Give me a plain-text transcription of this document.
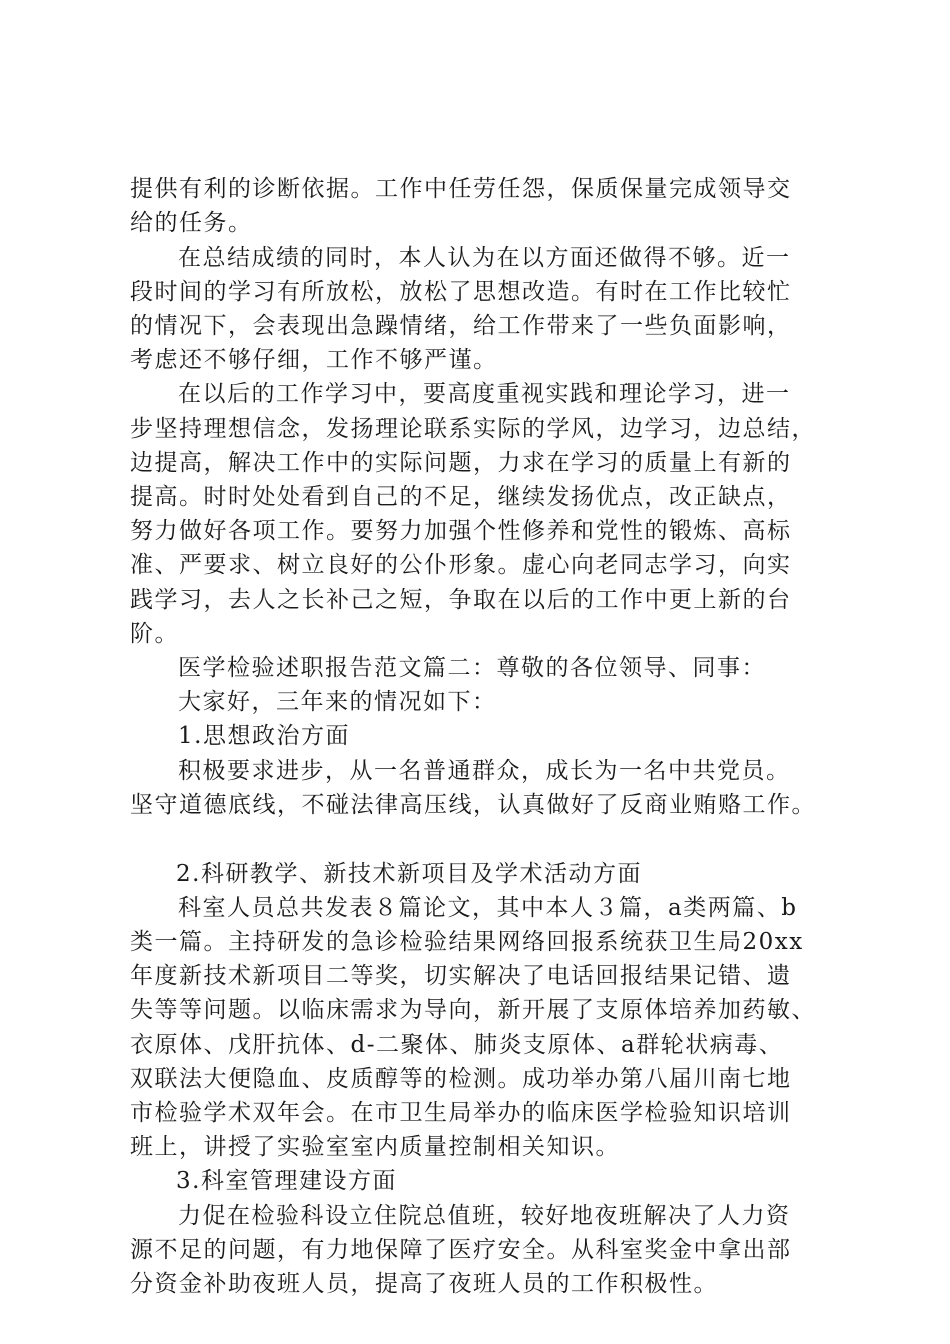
提供有利的诊断依据。工作中任劳任怨，保质保量完成领导交
给的任务。
在总结成绩的同时，本人认为在以方面还做得不够。近一
段时间的学习有所放松，放松了思想改造。有时在工作比较忙
的情况下，会表现出急躁情绪，给工作带来了一些负面影响，
考虑还不够仔细，工作不够严谨。
在以后的工作学习中，要高度重视实践和理论学习，进一
步坚持理想信念，发扬理论联系实际的学风，边学习，边总结，
边提高，解决工作中的实际问题，力求在学习的质量上有新的
提高。时时处处看到自己的不足，继续发扬优点，改正缺点，
努力做好各项工作。要努力加强个性修养和党性的锻炼、高标
准、严要求、树立良好的公仆形象。虚心向老同志学习，向实
践学习，去人之长补己之短，争取在以后的工作中更上新的台
阶。
医学检验述职报告范文篇二：尊敬的各位领导、同事：
大家好，三年来的情况如下：
1.思想政治方面
积极要求进步，从一名普通群众，成长为一名中共党员。
坚守道德底线，不碰法律高压线，认真做好了反商业贿赂工作。
2.科研教学、新技术新项目及学术活动方面
科室人员总共发表８篇论文，其中本人３篇，a类两篇、b
类一篇。主持研发的急诊检验结果网络回报系统获卫生局20xx
年度新技术新项目二等奖，切实解决了电话回报结果记错、遗
失等等问题。以临床需求为导向，新开展了支原体培养加药敏、
衣原体、戊肝抗体、d-二聚体、肺炎支原体、a群轮状病毒、
双联法大便隐血、皮质醇等的检测。成功举办第八届川南七地
市检验学术双年会。在市卫生局举办的临床医学检验知识培训
班上，讲授了实验室室内质量控制相关知识。
3.科室管理建设方面
力促在检验科设立住院总值班，较好地夜班解决了人力资
源不足的问题，有力地保障了医疗安全。从科室奖金中拿出部
分资金补助夜班人员，提高了夜班人员的工作积极性。
